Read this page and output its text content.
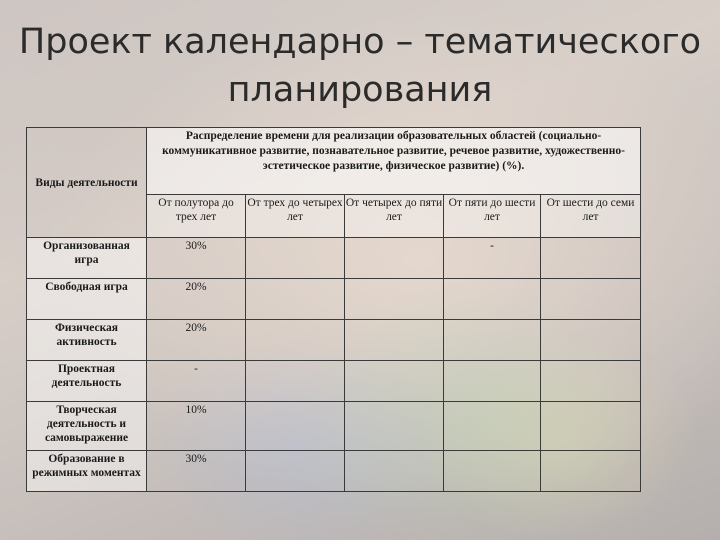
Проект календарно – тематического
планирования
Виды деятельности	Распределение времени для реализации образовательных областей (социально-коммуникативное развитие, познавательное развитие, речевое развитие, художественно-эстетическое развитие, физическое развитие) (%).				
	От полутора до трех лет	От трех до четырех лет	От четырех до пяти лет	От пяти до шести лет	От шести до семи лет
Организованная игра	30%			-	
Свободная игра	20%				
Физическая активность	20%				
Проектная деятельность	-				
Творческая деятельность и самовыражение	10%				
Образование в режимных моментах	30%				
